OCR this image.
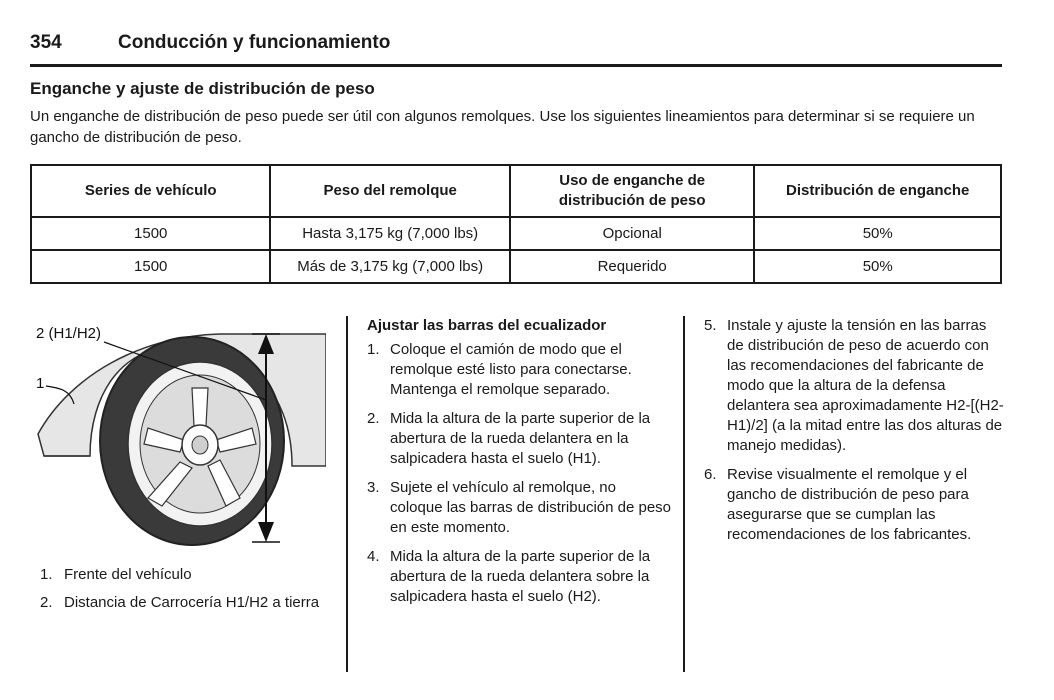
354	Conducción y funcionamiento
Enganche y ajuste de distribución de peso
Un enganche de distribución de peso puede ser útil con algunos remolques. Use los siguientes lineamientos para determinar si se requiere un gancho de distribución de peso.
Series de vehículo	Peso del remolque	Uso de enganche de distribución de peso	Distribución de enganche
1500	Hasta 3,175 kg (7,000 lbs)	Opcional	50%
1500	Más de 3,175 kg (7,000 lbs)	Requerido	50%
2 (H1/H2)
1
1. Frente del vehículo
2. Distancia de Carrocería H1/H2 a tierra
Ajustar las barras del ecualizador
1. Coloque el camión de modo que el remolque esté listo para conectarse. Mantenga el remolque separado.
2. Mida la altura de la parte superior de la abertura de la rueda delantera en la salpicadera hasta el suelo (H1).
3. Sujete el vehículo al remolque, no coloque las barras de distribución de peso en este momento.
4. Mida la altura de la parte superior de la abertura de la rueda delantera sobre la salpicadera hasta el suelo (H2).
5. Instale y ajuste la tensión en las barras de distribución de peso de acuerdo con las recomendaciones del fabricante de modo que la altura de la defensa delantera sea aproximadamente H2-[(H2-H1)/2] (a la mitad entre las dos alturas de manejo medidas).
6. Revise visualmente el remolque y el gancho de distribución de peso para asegurarse que se cumplan las recomendaciones de los fabricantes.
